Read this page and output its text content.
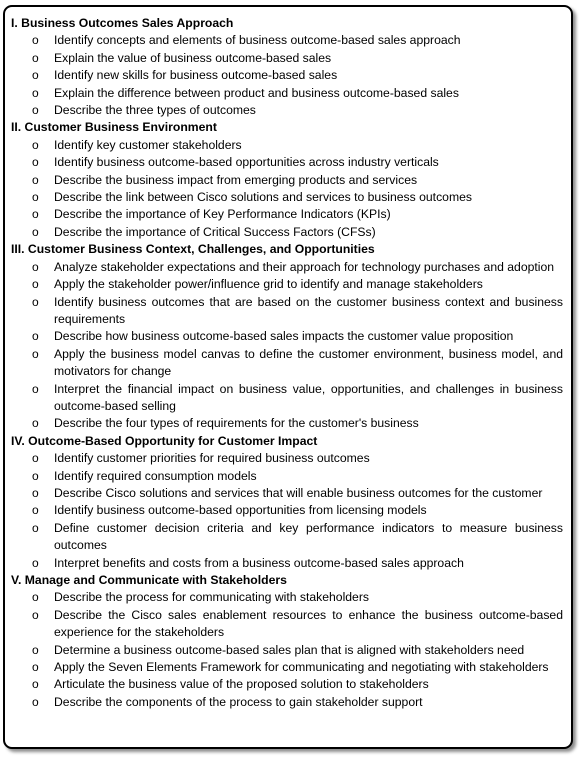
I. Business Outcomes Sales Approach
o Identify concepts and elements of business outcome-based sales approach
o Explain the value of business outcome-based sales
o Identify new skills for business outcome-based sales
o Explain the difference between product and business outcome-based sales
o Describe the three types of outcomes
II. Customer Business Environment
o Identify key customer stakeholders
o Identify business outcome-based opportunities across industry verticals
o Describe the business impact from emerging products and services
o Describe the link between Cisco solutions and services to business outcomes
o Describe the importance of Key Performance Indicators (KPIs)
o Describe the importance of Critical Success Factors (CFSs)
III. Customer Business Context, Challenges, and Opportunities
o Analyze stakeholder expectations and their approach for technology purchases and adoption
o Apply the stakeholder power/influence grid to identify and manage stakeholders
o Identify business outcomes that are based on the customer business context and business requirements
o Describe how business outcome-based sales impacts the customer value proposition
o Apply the business model canvas to define the customer environment, business model, and motivators for change
o Interpret the financial impact on business value, opportunities, and challenges in business outcome-based selling
o Describe the four types of requirements for the customer's business
IV. Outcome-Based Opportunity for Customer Impact
o Identify customer priorities for required business outcomes
o Identify required consumption models
o Describe Cisco solutions and services that will enable business outcomes for the customer
o Identify business outcome-based opportunities from licensing models
o Define customer decision criteria and key performance indicators to measure business outcomes
o Interpret benefits and costs from a business outcome-based sales approach
V. Manage and Communicate with Stakeholders
o Describe the process for communicating with stakeholders
o Describe the Cisco sales enablement resources to enhance the business outcome-based experience for the stakeholders
o Determine a business outcome-based sales plan that is aligned with stakeholders need
o Apply the Seven Elements Framework for communicating and negotiating with stakeholders
o Articulate the business value of the proposed solution to stakeholders
o Describe the components of the process to gain stakeholder support
